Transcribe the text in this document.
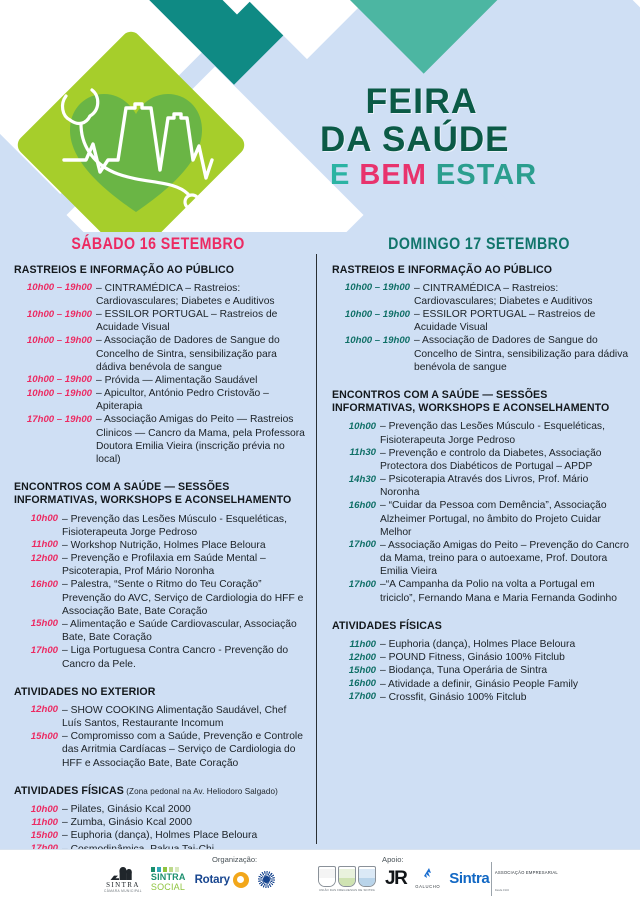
FEIRA
DA SAÚDE
E BEM ESTAR
SÁBADO 16 SETEMBRO
RASTREIOS E INFORMAÇÃO AO PÚBLICO
10h00 – 19h00 – CINTRAMÉDICA – Rastreios: Cardiovasculares; Diabetes e Auditivos
10h00 – 19h00 – ESSILOR PORTUGAL – Rastreios de Acuidade Visual
10h00 – 19h00 – Associação de Dadores de Sangue do Concelho de Sintra, sensibilização para dádiva benévola de sangue
10h00 – 19h00 – Próvida — Alimentação Saudável
10h00 – 19h00 – Apicultor, António Pedro Cristovão – Apiterapia
17h00 – 19h00 – Associação Amigas do Peito — Rastreios Clinicos — Cancro da Mama, pela Professora Doutora Emilia Vieira (inscrição prévia no local)
ENCONTROS COM A SAÚDE — SESSÕES INFORMATIVAS, WORKSHOPS E ACONSELHAMENTO
10h00 – Prevenção das Lesões Músculo - Esqueléticas, Fisioterapeuta Jorge Pedroso
11h00 – Workshop Nutrição, Holmes Place Beloura
12h00 – Prevenção e Profilaxia em Saúde Mental – Psicoterapia, Prof Mário Noronha
16h00 – Palestra, “Sente o Ritmo do Teu Coração” Prevenção do AVC, Serviço de Cardiologia do HFF e Associação Bate, Bate Coração
15h00 – Alimentação e Saúde Cardiovascular, Associação Bate, Bate Coração
17h00 – Liga Portuguesa Contra Cancro - Prevenção do Cancro da Pele.
ATIVIDADES NO EXTERIOR
12h00 – SHOW COOKING Alimentação Saudável, Chef Luís Santos, Restaurante Incomum
15h00 – Compromisso com a Saúde, Prevenção e Controle das Arritmia Cardíacas – Serviço de Cardiologia do HFF e Associação Bate, Bate Coração
ATIVIDADES FÍSICAS (Zona pedonal na Av. Heliodoro Salgado)
10h00 – Pilates, Ginásio Kcal 2000
11h00 – Zumba, Ginásio Kcal 2000
15h00 – Euphoria (dança), Holmes Place Beloura
DOMINGO 17 SETEMBRO
RASTREIOS E INFORMAÇÃO AO PÚBLICO
10h00 – 19h00 – CINTRAMÉDICA – Rastreios: Cardiovasculares; Diabetes e Auditivos
10h00 – 19h00 – ESSILOR PORTUGAL – Rastreios de Acuidade Visual
10h00 – 19h00 – Associação de Dadores de Sangue do Concelho de Sintra, sensibilização para dádiva benévola de sangue
ENCONTROS COM A SAÚDE — SESSÕES INFORMATIVAS, WORKSHOPS E ACONSELHAMENTO
10h00 – Prevenção das Lesões Músculo - Esqueléticas, Fisioterapeuta Jorge Pedroso
11h30 – Prevenção e controlo da Diabetes, Associação Protectora dos Diabéticos de Portugal – APDP
14h30 – Psicoterapia Através dos Livros, Prof. Mário Noronha
16h00 – “Cuidar da Pessoa com Demência”, Associação Alzheimer Portugal, no âmbito do Projeto Cuidar Melhor
17h00 – Associação Amigas do Peito – Prevenção do Cancro da Mama, treino para o autoexame, Prof. Doutora Emilia Vieira
17h00 –“A Campanha da Polio na volta a Portugal em triciclo”, Fernando Mana e Maria Fernanda Godinho
ATIVIDADES FÍSICAS
11h00 – Euphoria (dança), Holmes Place Beloura
12h00 – POUND Fitness, Ginásio 100% Fitclub
15h00 – Biodança, Tuna Operária de Sintra
16h00 – Atividade a definir, Ginásio People Family
17h00 – Crossfit, Ginásio 100% Fitclub
Organização:	Apoio:
SINTRA
CÂMARA MUNICIPAL
SINTRA
SOCIAL
Rotary
UNIÃO DAS FREGUESIAS DE SINTRA
JR GALUCHO Sintra	ASSOCIAÇÃO EMPRESARIAL
Desde 1943
